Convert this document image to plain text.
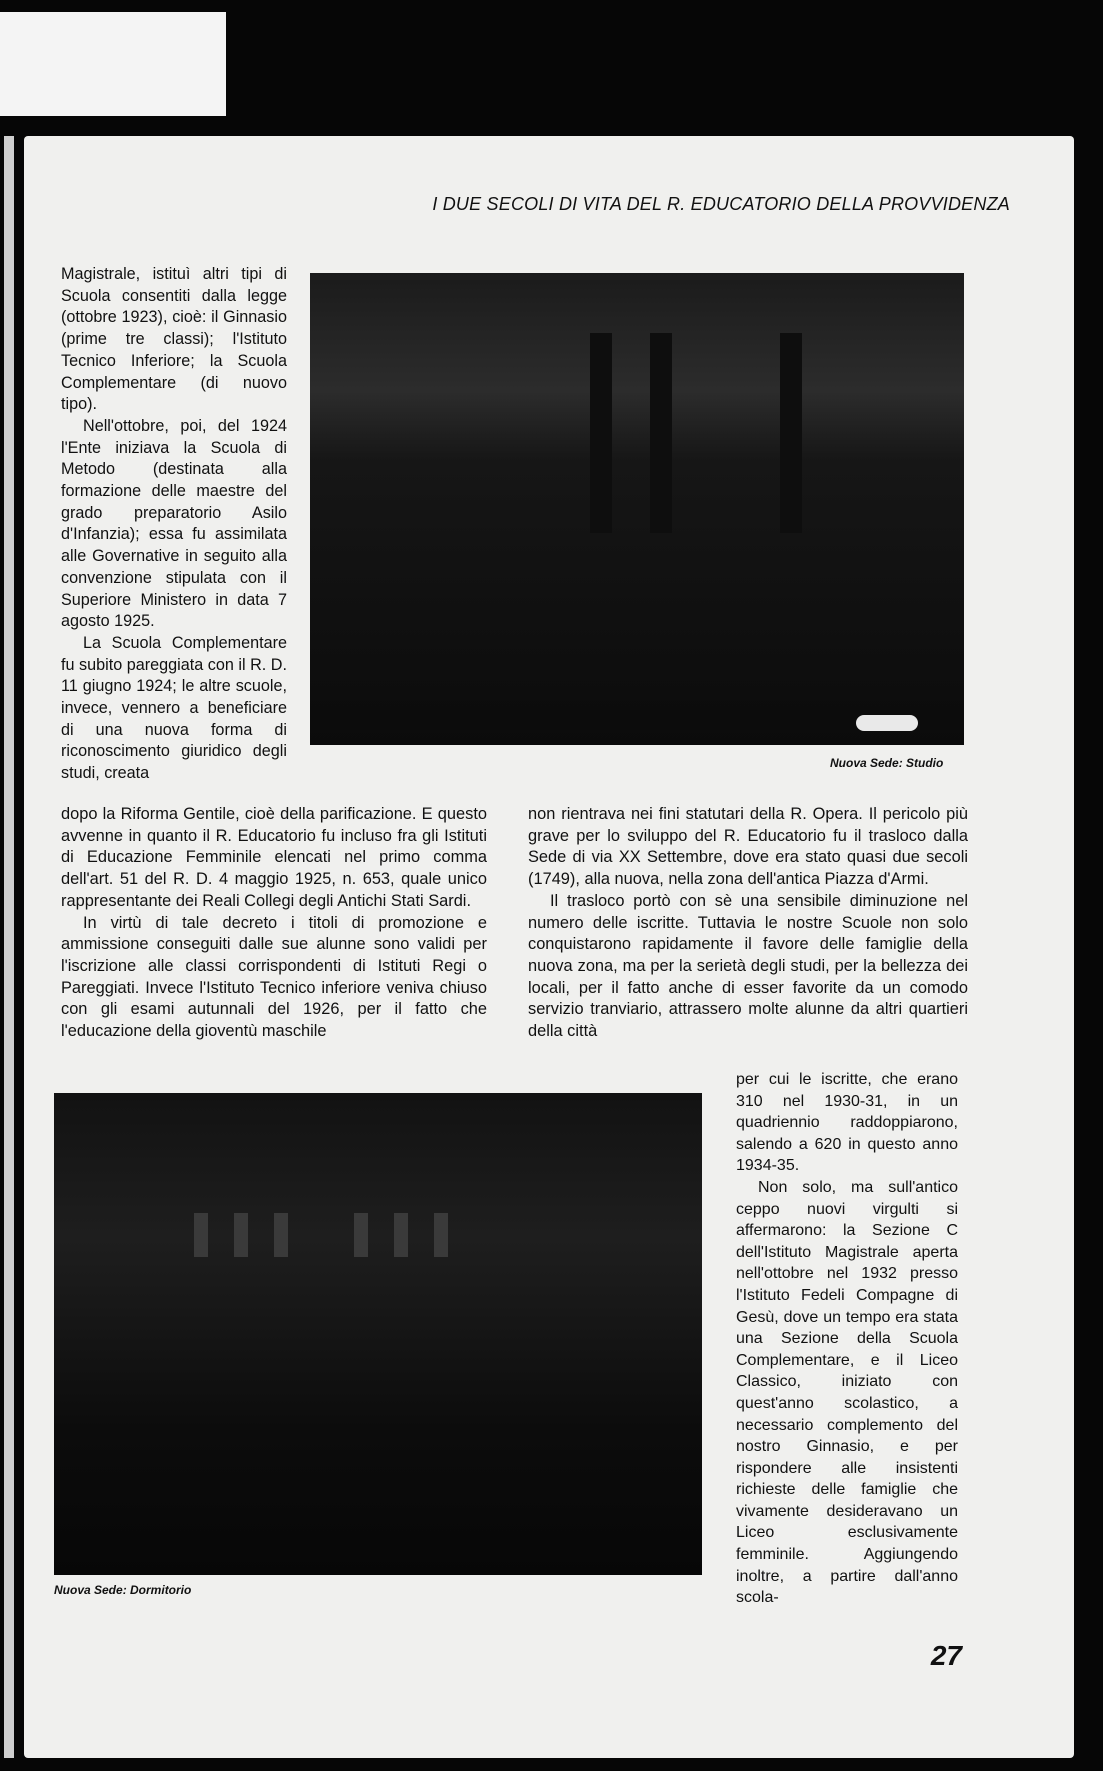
I DUE SECOLI DI VITA DEL R. EDUCATORIO DELLA PROVVIDENZA

Magistrale, istituì altri tipi di Scuola consentiti dalla legge (ottobre 1923), cioè: il Ginnasio (prime tre classi); l'Istituto Tecnico Inferiore; la Scuola Complementare (di nuovo tipo).

Nell'ottobre, poi, del 1924 l'Ente iniziava la Scuola di Metodo (destinata alla formazione delle maestre del grado preparatorio Asilo d'Infanzia); essa fu assimilata alle Governative in seguito alla convenzione stipulata con il Superiore Ministero in data 7 agosto 1925.

La Scuola Complementare fu subito pareggiata con il R. D. 11 giugno 1924; le altre scuole, invece, vennero a beneficiare di una nuova forma di riconoscimento giuridico degli studi, creata

Nuova Sede: Studio

dopo la Riforma Gentile, cioè della parificazione. E questo avvenne in quanto il R. Educatorio fu incluso fra gli Istituti di Educazione Femminile elencati nel primo comma dell'art. 51 del R. D. 4 maggio 1925, n. 653, quale unico rappresentante dei Reali Collegi degli Antichi Stati Sardi.

In virtù di tale decreto i titoli di promozione e ammissione conseguiti dalle sue alunne sono validi per l'iscrizione alle classi corrispondenti di Istituti Regi o Pareggiati. Invece l'Istituto Tecnico inferiore veniva chiuso con gli esami autunnali del 1926, per il fatto che l'educazione della gioventù maschile

non rientrava nei fini statutari della R. Opera. Il pericolo più grave per lo sviluppo del R. Educatorio fu il trasloco dalla Sede di via XX Settembre, dove era stato quasi due secoli (1749), alla nuova, nella zona dell'antica Piazza d'Armi.

Il trasloco portò con sè una sensibile diminuzione nel numero delle iscritte. Tuttavia le nostre Scuole non solo conquistarono rapidamente il favore delle famiglie della nuova zona, ma per la serietà degli studi, per la bellezza dei locali, per il fatto anche di esser favorite da un comodo servizio tranviario, attrassero molte alunne da altri quartieri della città

Nuova Sede: Dormitorio

per cui le iscritte, che erano 310 nel 1930-31, in un quadriennio raddoppiarono, salendo a 620 in questo anno 1934-35.

Non solo, ma sull'antico ceppo nuovi virgulti si affermarono: la Sezione C dell'Istituto Magistrale aperta nell'ottobre nel 1932 presso l'Istituto Fedeli Compagne di Gesù, dove un tempo era stata una Sezione della Scuola Complementare, e il Liceo Classico, iniziato con quest'anno scolastico, a necessario complemento del nostro Ginnasio, e per rispondere alle insistenti richieste delle famiglie che vivamente desideravano un Liceo esclusivamente femminile. Aggiungendo inoltre, a partire dall'anno scola-

27
